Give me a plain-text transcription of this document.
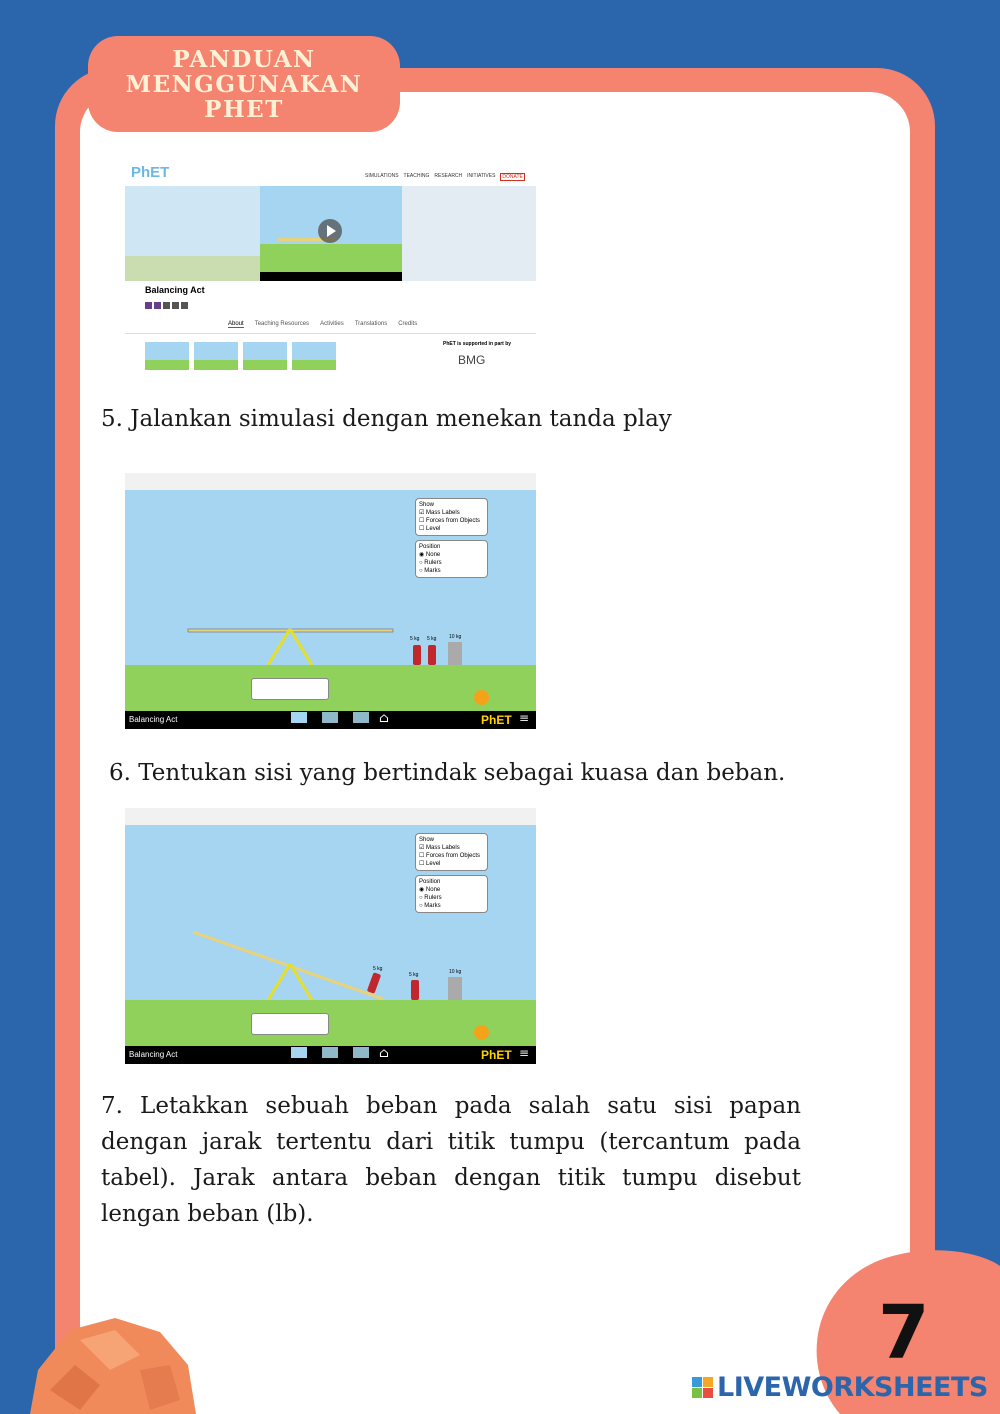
PANDUAN
MENGGUNAKAN
PHET
PhET	SIMULATIONS TEACHING RESEARCH INITIATIVES	DONATE
Balancing Act
About Teaching Resources Activities Translations Credits
PhET is supported in part by
BMG
5. Jalankan simulasi dengan menekan tanda play
Show
☑ Mass Labels
☐ Forces from Objects
☐ Level
Position
◉ None
○ Rulers
○ Marks
5 kg 5 kg	10 kg
Balancing Act	⌂	PhET ≡
6. Tentukan sisi yang bertindak sebagai kuasa dan beban.
Show
☑ Mass Labels
☐ Forces from Objects
☐ Level
Position
◉ None
○ Rulers
○ Marks
5 kg
5 kg	10 kg
Balancing Act	⌂	PhET ≡
7. Letakkan sebuah beban pada salah satu sisi papan dengan jarak tertentu dari titik tumpu (tercantum pada tabel). Jarak antara beban dengan titik tumpu disebut lengan beban (lb).
7
LIVEWORKSHEETS
